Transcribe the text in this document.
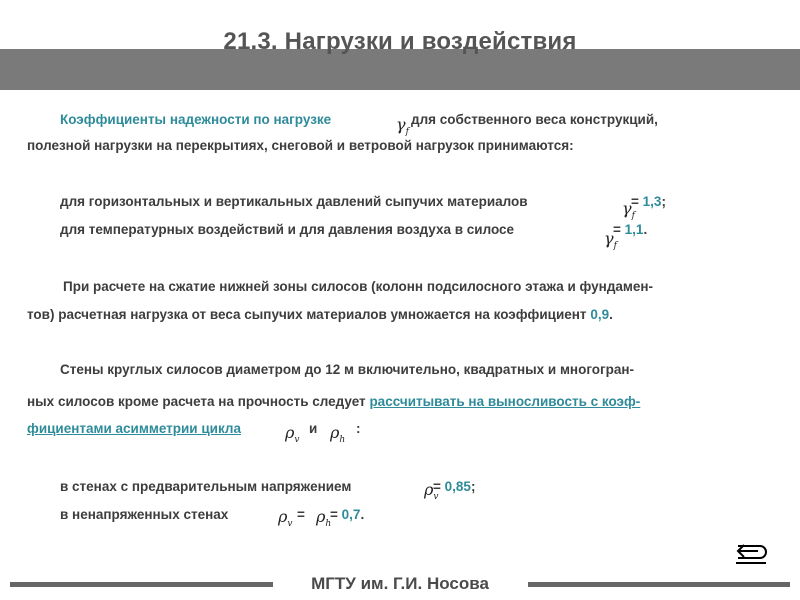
21.3. Нагрузки и воздействия
Коэффициенты надежности по нагрузке	$\gamma_f$
для собственного веса конструкций,
полезной нагрузки на перекрытиях, снеговой и ветровой нагрузок принимаются:
для горизонтальных и вертикальных давлений сыпучих материалов	$\gamma_f$
= 1,3;
для температурных воздействий и для давления воздуха в силосе	$\gamma_f$
= 1,1.
При расчете на сжатие нижней зоны силосов (колонн подсилосного этажа и фундамен-
тов) расчетная нагрузка от веса сыпучих материалов умножается на коэффициент 0,9.
Стены круглых силосов диаметром до 12 м включительно, квадратных и многогран-
ных силосов кроме расчета на прочность следует рассчитывать на выносливость с коэф-
фициентами асимметрии цикла	$\rho_v$
и $\rho_h$
:
в стенах с предварительным напряжением	$\rho_v$
= 0,85;
в ненапряженных стенах	$\rho_v$
= $\rho_h$
= 0,7.
МГТУ им. Г.И. Носова
